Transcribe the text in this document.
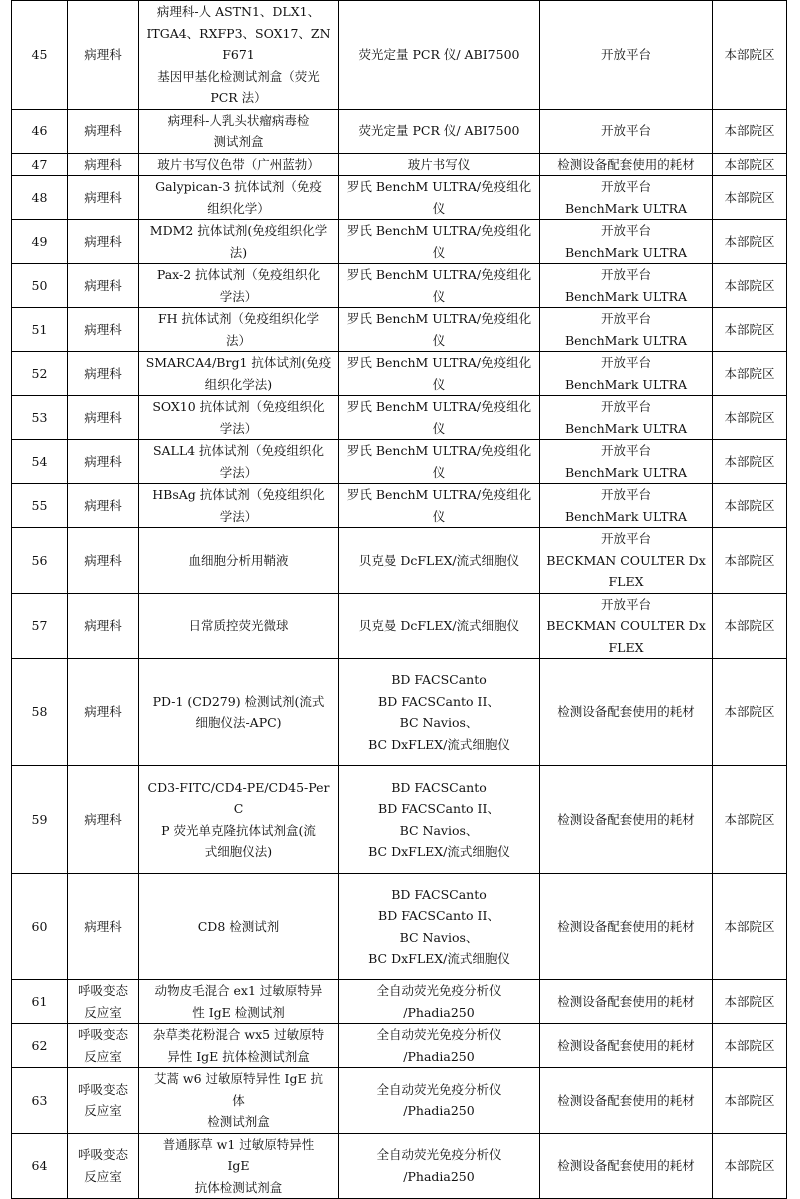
45	病理科	病理科-人 ASTN1、DLX1、
ITGA4、RXFP3、SOX17、ZNF671
基因甲基化检测试剂盒（荧光
PCR 法）	荧光定量 PCR 仪/ ABI7500	开放平台	本部院区
46	病理科	病理科-人乳头状瘤病毒检
测试剂盒	荧光定量 PCR 仪/ ABI7500	开放平台	本部院区
47	病理科	玻片书写仪色带（广州蓝勃）	玻片书写仪	检测设备配套使用的耗材	本部院区
48	病理科	Galypican-3 抗体试剂（免疫
组织化学）	罗氏 BenchM ULTRA/免疫组化
仪	开放平台
BenchMark ULTRA	本部院区
49	病理科	MDM2 抗体试剂(免疫组织化学
法)	罗氏 BenchM ULTRA/免疫组化
仪	开放平台
BenchMark ULTRA	本部院区
50	病理科	Pax-2 抗体试剂（免疫组织化
学法）	罗氏 BenchM ULTRA/免疫组化
仪	开放平台
BenchMark ULTRA	本部院区
51	病理科	FH 抗体试剂（免疫组织化学
法）	罗氏 BenchM ULTRA/免疫组化
仪	开放平台
BenchMark ULTRA	本部院区
52	病理科	SMARCA4/Brg1 抗体试剂(免疫
组织化学法)	罗氏 BenchM ULTRA/免疫组化
仪	开放平台
BenchMark ULTRA	本部院区
53	病理科	SOX10 抗体试剂（免疫组织化
学法）	罗氏 BenchM ULTRA/免疫组化
仪	开放平台
BenchMark ULTRA	本部院区
54	病理科	SALL4 抗体试剂（免疫组织化
学法）	罗氏 BenchM ULTRA/免疫组化
仪	开放平台
BenchMark ULTRA	本部院区
55	病理科	HBsAg 抗体试剂（免疫组织化
学法）	罗氏 BenchM ULTRA/免疫组化
仪	开放平台
BenchMark ULTRA	本部院区
56	病理科	血细胞分析用鞘液	贝克曼 DcFLEX/流式细胞仪	开放平台
BECKMAN COULTER DxFLEX	本部院区
57	病理科	日常质控荧光微球	贝克曼 DcFLEX/流式细胞仪	开放平台
BECKMAN COULTER DxFLEX	本部院区
58	病理科	PD-1 (CD279) 检测试剂(流式
细胞仪法-APC)	BD FACSCanto
BD FACSCanto II、
BC Navios、
BC DxFLEX/流式细胞仪	检测设备配套使用的耗材	本部院区
59	病理科	CD3-FITC/CD4-PE/CD45-PerC
P 荧光单克隆抗体试剂盒(流
式细胞仪法)	BD FACSCanto
BD FACSCanto II、
BC Navios、
BC DxFLEX/流式细胞仪	检测设备配套使用的耗材	本部院区
60	病理科	CD8 检测试剂	BD FACSCanto
BD FACSCanto II、
BC Navios、
BC DxFLEX/流式细胞仪	检测设备配套使用的耗材	本部院区
61	呼吸变态
反应室	动物皮毛混合 ex1 过敏原特异
性 IgE 检测试剂	全自动荧光免疫分析仪
/Phadia250	检测设备配套使用的耗材	本部院区
62	呼吸变态
反应室	杂草类花粉混合 wx5 过敏原特
异性 IgE 抗体检测试剂盒	全自动荧光免疫分析仪
/Phadia250	检测设备配套使用的耗材	本部院区
63	呼吸变态
反应室	艾蒿 w6 过敏原特异性 IgE 抗
体
检测试剂盒	全自动荧光免疫分析仪
/Phadia250	检测设备配套使用的耗材	本部院区
64	呼吸变态
反应室	普通豚草 w1 过敏原特异性
IgE
抗体检测试剂盒	全自动荧光免疫分析仪
/Phadia250	检测设备配套使用的耗材	本部院区
